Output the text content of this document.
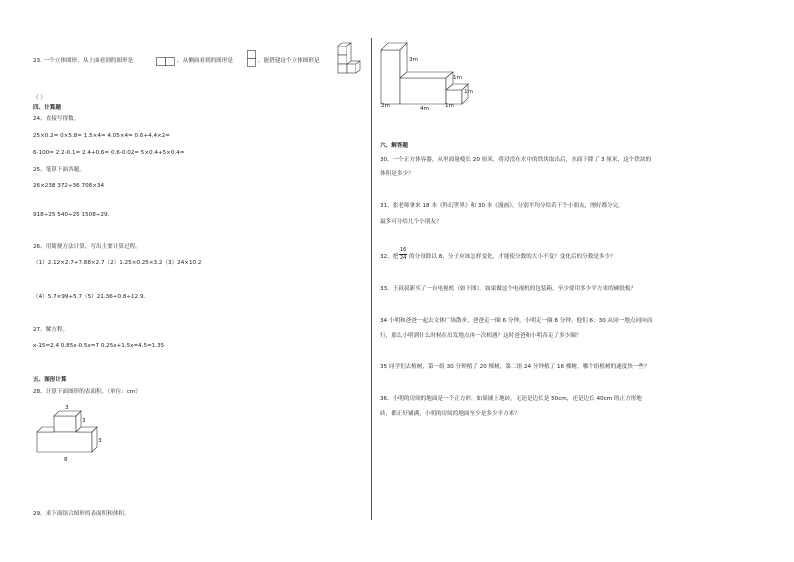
23. 一个立体图形，从上面看到的图形是	，从侧面看到的图形是	，能搭建这个立体图形是
（ ）
四、计算题
24、直接写得数。
25×0.2= 0×5.8= 1.5×4= 4.05×4= 0.6+4.4×2=
6-100= 2.2-0.1= 2.4+0.6= 0.6-0.02= 5×0.4+5×0.4=
25、笔算下面各题。
26×238 372÷36 708×34
918÷25 540÷25 1508÷29.
26、用简便方法计算，写出主要计算过程。
（1）2.12×2.7+7.88×2.7（2）1.25×0.25×3.2（3）24×10.2
（4）5.7×99+5.7（5）21.36÷0.8÷12.9.
27、解方程。
x-15=2.4 0.85x-0.5x=7 0.25x+1.5x=4.5=1.35
五、图形计算
28、计算下面图形的表面积。（单位：cm）
3
3
3
8
29、求下面组合图形的表面积和体积。
3m
1m
1m
2m	4m	1m
六、解答题
30、一个正方体容器，从里面量棱长 20 厘米，将浸没在水中的铁块取出后，水面下降了 3 厘米，这个铁块的
体积是多少？
31、张老师拿来 18 本《科幻世界》和 30 本《漫画》，分别平均分给若干个小朋友，刚好都分完。
最多可分给几个小朋友？
32、把
16
24 的分母除以 8，分子应该怎样变化，才能使分数的大小不变？变化后的分数是多少？
33、王叔叔新买了一台电视机（如下图）。如果做这个电视机的包装箱，至少要用多少平方米的硬纸板？
34 小明和爸爸一起去文体广场散步，爸爸走一圈 6 分钟，小明走一圈 8 分钟。他们 6：30 从同一地点同向而
行，那么小明到什么时候在出发地点再一次相遇？这时爸爸和小明各走了多少圈？
35 同学们去植树，第一组 30 分钟植了 20 棵树，第二组 24 分钟植了 16 棵树，哪个组植树的速度快一些？
36、小明的房间的地面是一个正方形，如果铺上地砖，无论是边长是 50cm，还是边长 40cm 的正方形地
砖，都正好铺满，小明的房间的地面至少是多少平方米？
